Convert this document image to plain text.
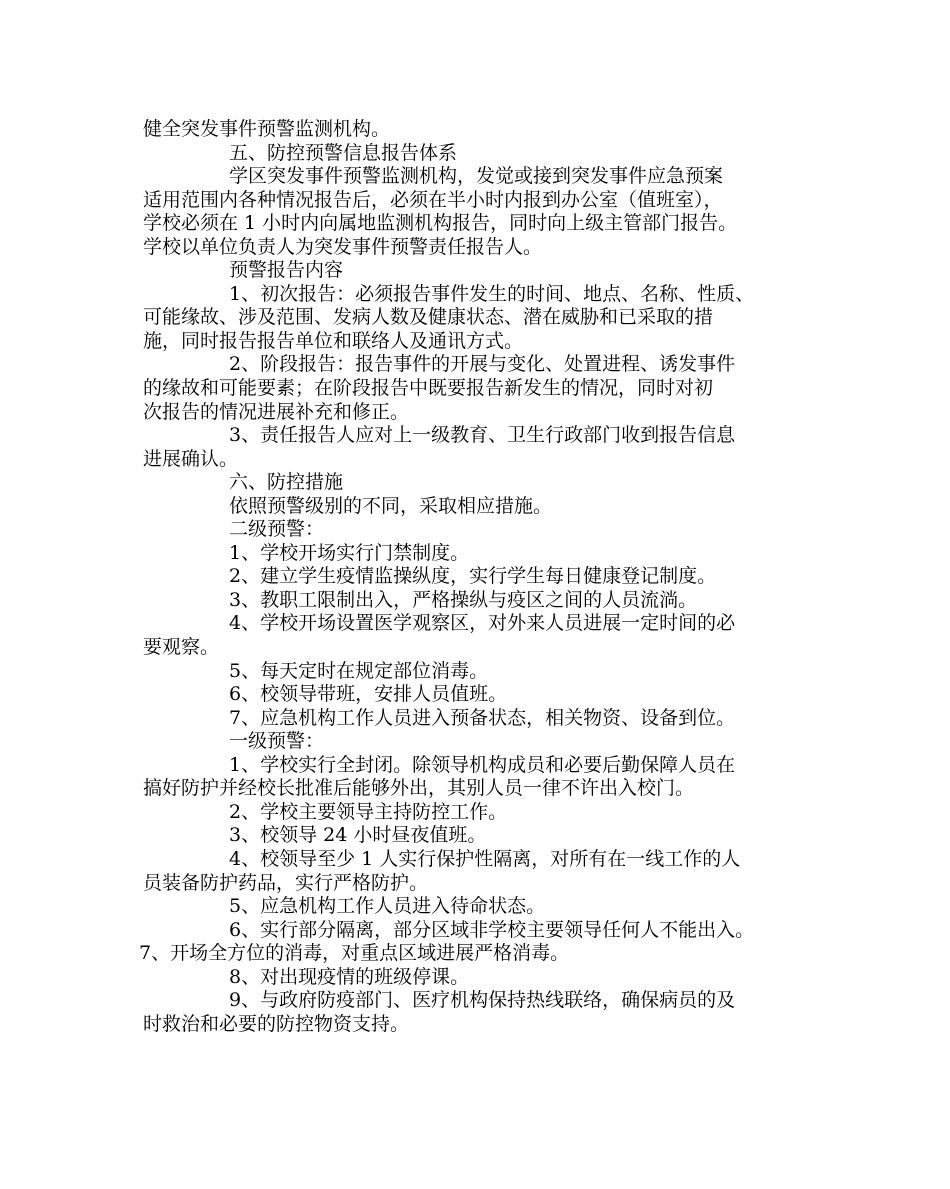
健全突发事件预警监测机构。
五、防控预警信息报告体系
学区突发事件预警监测机构，发觉或接到突发事件应急预案
适用范围内各种情况报告后，必须在半小时内报到办公室（值班室），
学校必须在 1 小时内向属地监测机构报告，同时向上级主管部门报告。
学校以单位负责人为突发事件预警责任报告人。
预警报告内容
1、初次报告：必须报告事件发生的时间、地点、名称、性质、
可能缘故、涉及范围、发病人数及健康状态、潜在威胁和已采取的措
施，同时报告报告单位和联络人及通讯方式。
2、阶段报告：报告事件的开展与变化、处置进程、诱发事件
的缘故和可能要素；在阶段报告中既要报告新发生的情况，同时对初
次报告的情况进展补充和修正。
3、责任报告人应对上一级教育、卫生行政部门收到报告信息
进展确认。
六、防控措施
依照预警级别的不同，采取相应措施。
二级预警：
1、学校开场实行门禁制度。
2、建立学生疫情监操纵度，实行学生每日健康登记制度。
3、教职工限制出入，严格操纵与疫区之间的人员流淌。
4、学校开场设置医学观察区，对外来人员进展一定时间的必
要观察。
5、每天定时在规定部位消毒。
6、校领导带班，安排人员值班。
7、应急机构工作人员进入预备状态，相关物资、设备到位。
一级预警：
1、学校实行全封闭。除领导机构成员和必要后勤保障人员在
搞好防护并经校长批准后能够外出，其别人员一律不许出入校门。
2、学校主要领导主持防控工作。
3、校领导 24 小时昼夜值班。
4、校领导至少 1 人实行保护性隔离，对所有在一线工作的人
员装备防护药品，实行严格防护。
5、应急机构工作人员进入待命状态。
6、实行部分隔离，部分区域非学校主要领导任何人不能出入。
7、开场全方位的消毒，对重点区域进展严格消毒。
8、对出现疫情的班级停课。
9、与政府防疫部门、医疗机构保持热线联络，确保病员的及
时救治和必要的防控物资支持。
